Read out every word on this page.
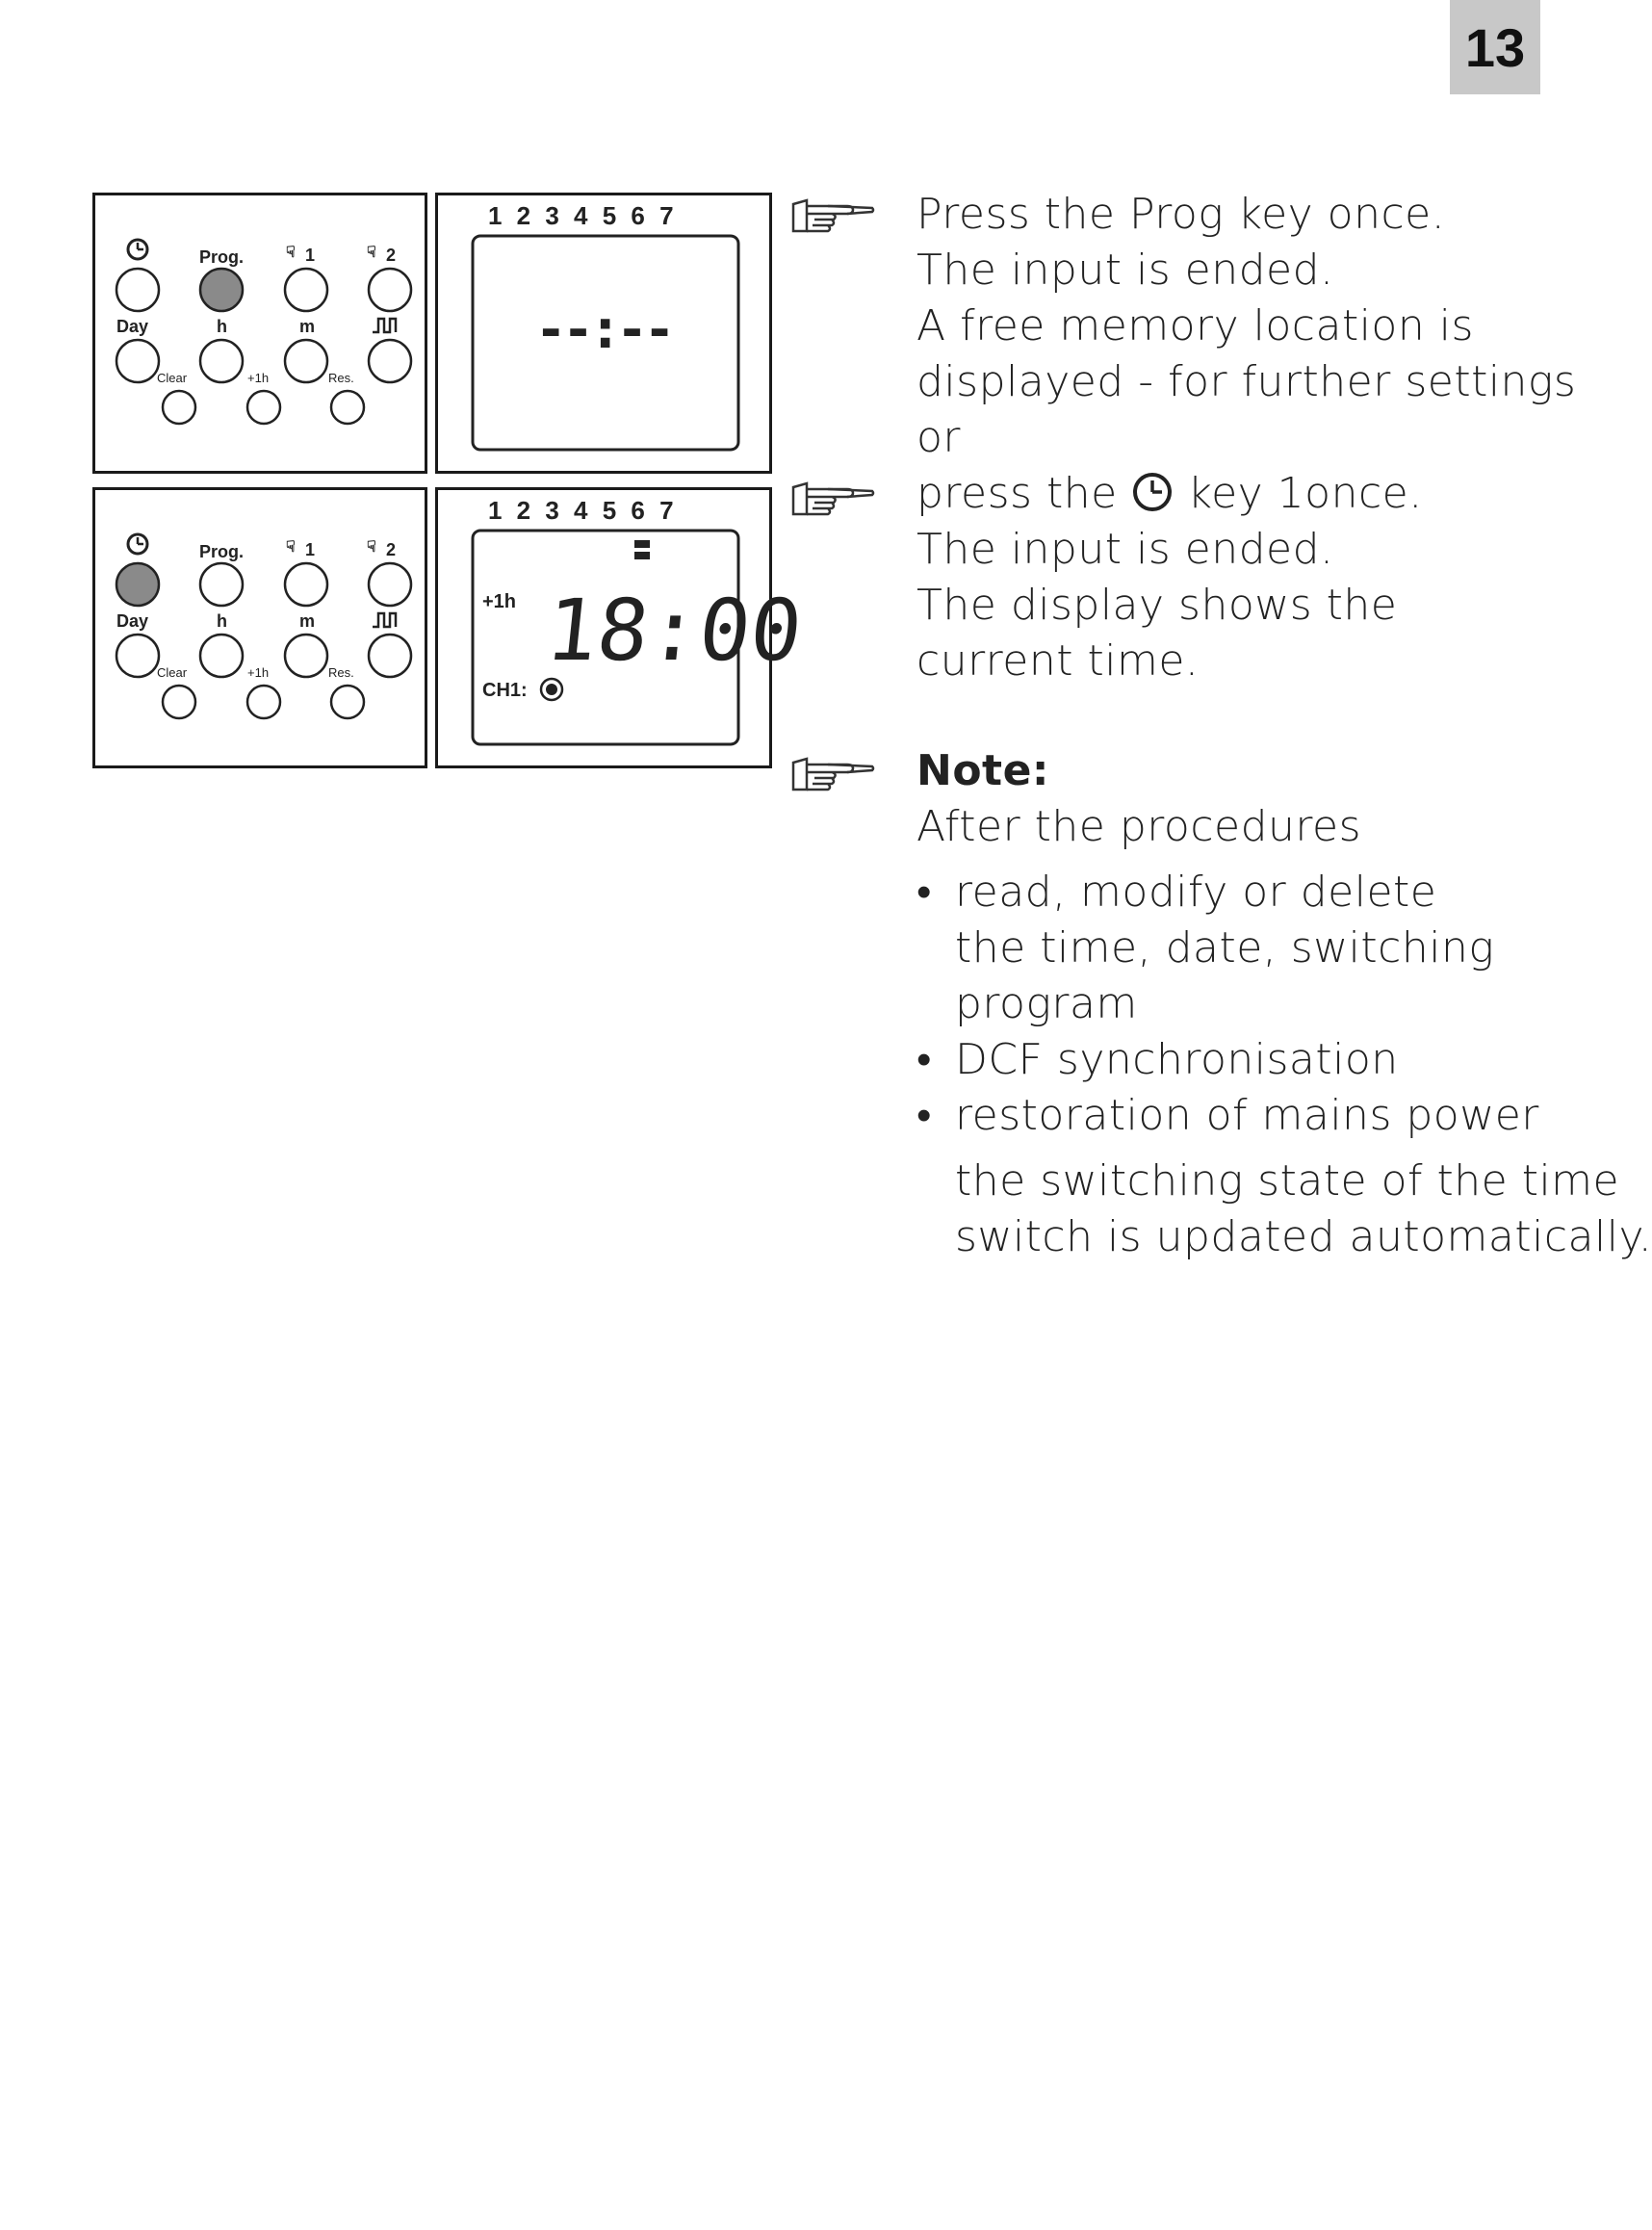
13
Prog.	☟ 1	☟ 2
Day	h	m
Clear	+1h	Res.
1 2 3 4 5 6 7
--:--
Prog.	☟ 1	☟ 2
Day	h	m
Clear	+1h	Res.
1 2 3 4 5 6 7
+1h 18:00
CH1:
Press the Prog key once.
The input is ended.
A free memory location is
displayed - for further settings
or
press the key 1once.
The input is ended.
The display shows the
current time.
Note:
After the procedures
• read, modify or delete
the time, date, switching
program
• DCF synchronisation
• restoration of mains power
the switching state of the time
switch is updated automatically.
